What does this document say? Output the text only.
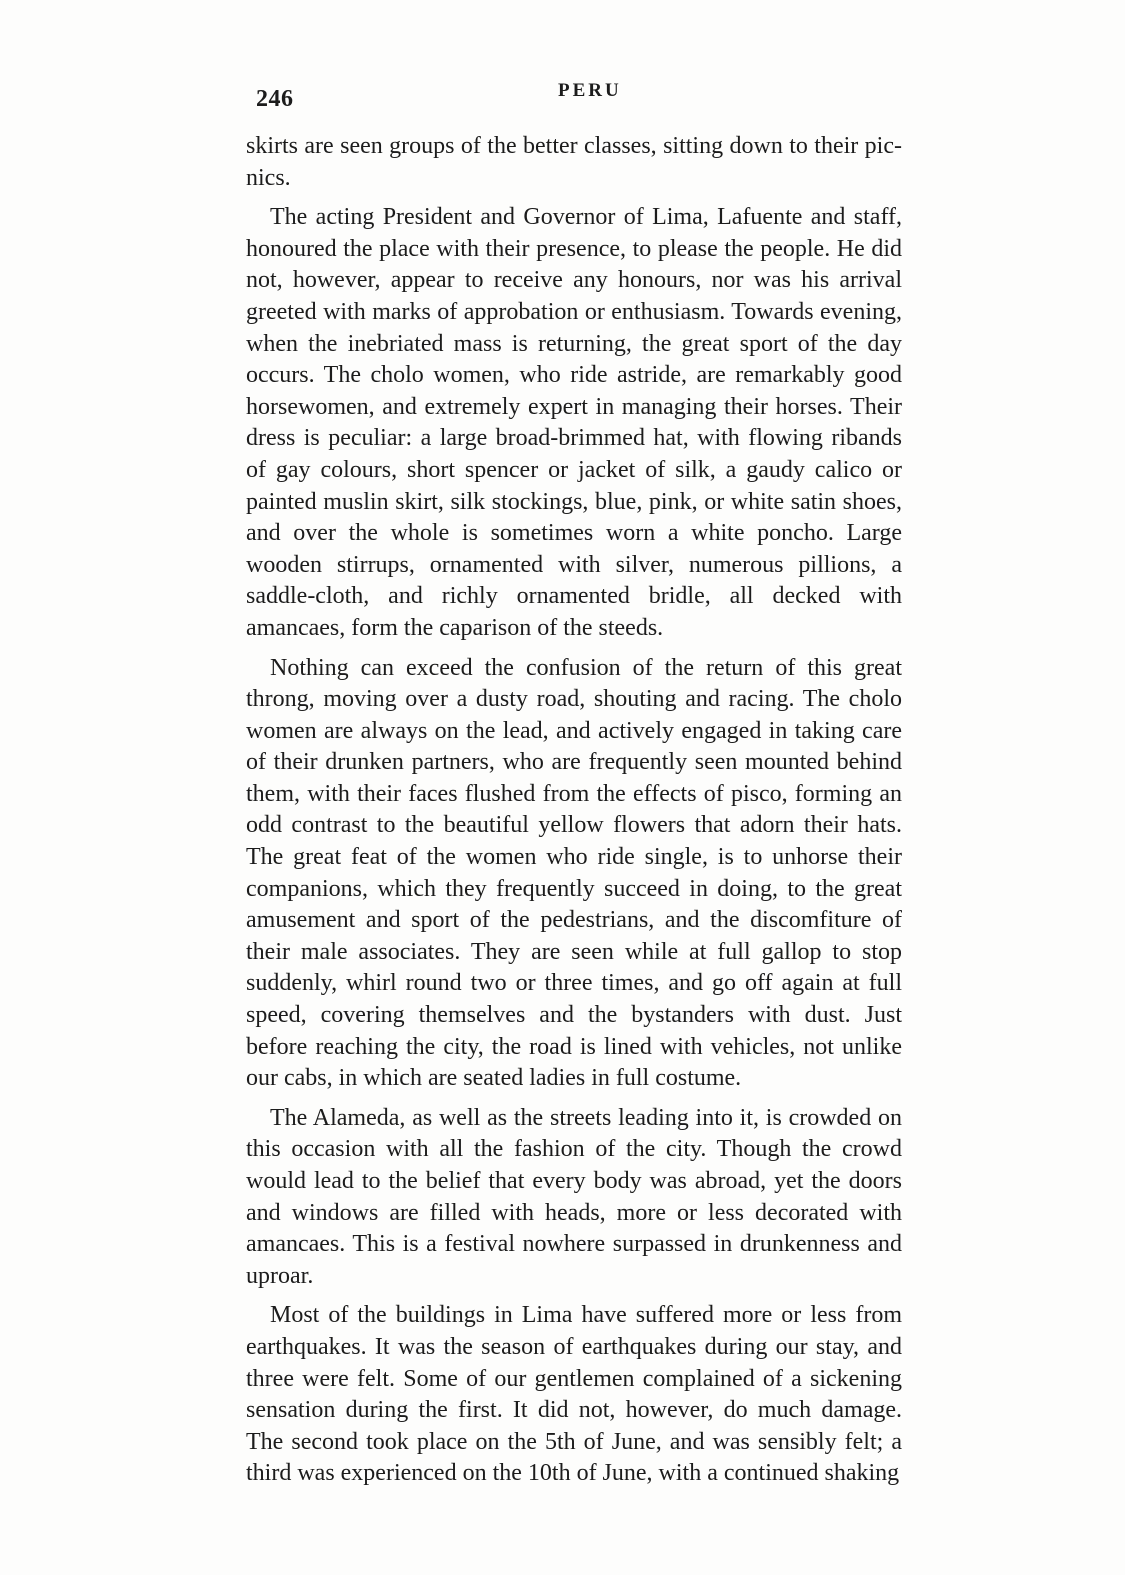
246	PERU

skirts are seen groups of the better classes, sitting down to their pic-nics.

The acting President and Governor of Lima, Lafuente and staff, honoured the place with their presence, to please the people. He did not, however, appear to receive any honours, nor was his arrival greeted with marks of approbation or enthusiasm. Towards evening, when the inebriated mass is returning, the great sport of the day occurs. The cholo women, who ride astride, are remarkably good horsewomen, and extremely expert in managing their horses. Their dress is peculiar: a large broad-brimmed hat, with flowing ribands of gay colours, short spencer or jacket of silk, a gaudy calico or painted muslin skirt, silk stockings, blue, pink, or white satin shoes, and over the whole is sometimes worn a white poncho. Large wooden stirrups, ornamented with silver, numerous pillions, a saddle-cloth, and richly ornamented bridle, all decked with amancaes, form the caparison of the steeds.

Nothing can exceed the confusion of the return of this great throng, moving over a dusty road, shouting and racing. The cholo women are always on the lead, and actively engaged in taking care of their drunken partners, who are frequently seen mounted behind them, with their faces flushed from the effects of pisco, forming an odd contrast to the beautiful yellow flowers that adorn their hats. The great feat of the women who ride single, is to unhorse their companions, which they frequently succeed in doing, to the great amusement and sport of the pedestrians, and the discomfiture of their male associates. They are seen while at full gallop to stop suddenly, whirl round two or three times, and go off again at full speed, covering themselves and the bystanders with dust. Just before reaching the city, the road is lined with vehicles, not unlike our cabs, in which are seated ladies in full costume.

The Alameda, as well as the streets leading into it, is crowded on this occasion with all the fashion of the city. Though the crowd would lead to the belief that every body was abroad, yet the doors and windows are filled with heads, more or less decorated with amancaes. This is a festival nowhere surpassed in drunkenness and uproar.

Most of the buildings in Lima have suffered more or less from earthquakes. It was the season of earthquakes during our stay, and three were felt. Some of our gentlemen complained of a sickening sensation during the first. It did not, however, do much damage. The second took place on the 5th of June, and was sensibly felt; a third was experienced on the 10th of June, with a continued shaking
